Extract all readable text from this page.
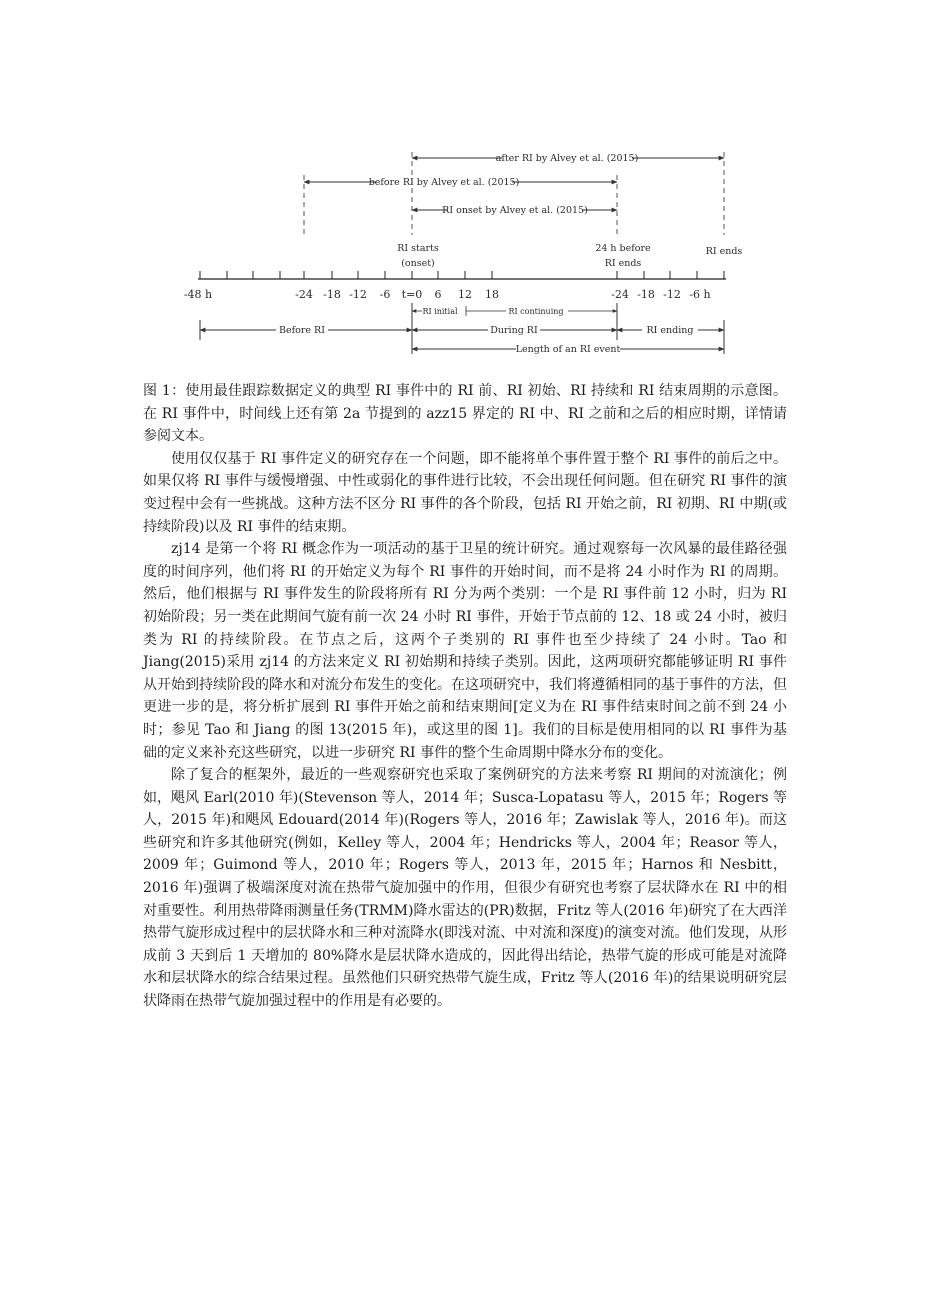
after RI by Alvey et al. (2015)
before RI by Alvey et al. (2015)
RI onset by Alvey et al. (2015)
RI starts
(onset)
24 h before
RI ends
RI ends
-48 h	-24 -18 -12 -6 t=0 6 12 18	-24 -18 -12 -6 h
RI initial	RI continuing
Before RI	During RI	RI ending
Length of an RI event

图 1：使用最佳跟踪数据定义的典型 RI 事件中的 RI 前、RI 初始、RI 持续和 RI 结束周期的示意图。在 RI 事件中，时间线上还有第 2a 节提到的 azz15 界定的 RI 中、RI 之前和之后的相应时期，详情请参阅文本。

使用仅仅基于 RI 事件定义的研究存在一个问题，即不能将单个事件置于整个 RI 事件的前后之中。如果仅将 RI 事件与缓慢增强、中性或弱化的事件进行比较，不会出现任何问题。但在研究 RI 事件的演变过程中会有一些挑战。这种方法不区分 RI 事件的各个阶段，包括 RI 开始之前，RI 初期、RI 中期(或持续阶段)以及 RI 事件的结束期。

zj14 是第一个将 RI 概念作为一项活动的基于卫星的统计研究。通过观察每一次风暴的最佳路径强度的时间序列，他们将 RI 的开始定义为每个 RI 事件的开始时间，而不是将 24 小时作为 RI 的周期。然后，他们根据与 RI 事件发生的阶段将所有 RI 分为两个类别：一个是 RI 事件前 12 小时，归为 RI 初始阶段；另一类在此期间气旋有前一次 24 小时 RI 事件，开始于节点前的 12、18 或 24 小时，被归类为 RI 的持续阶段。在节点之后，这两个子类别的 RI 事件也至少持续了 24 小时。Tao 和 Jiang(2015)采用 zj14 的方法来定义 RI 初始期和持续子类别。因此，这两项研究都能够证明 RI 事件从开始到持续阶段的降水和对流分布发生的变化。在这项研究中，我们将遵循相同的基于事件的方法，但更进一步的是，将分析扩展到 RI 事件开始之前和结束期间[定义为在 RI 事件结束时间之前不到 24 小时；参见 Tao 和 Jiang 的图 13(2015 年)，或这里的图 1]。我们的目标是使用相同的以 RI 事件为基础的定义来补充这些研究，以进一步研究 RI 事件的整个生命周期中降水分布的变化。

除了复合的框架外，最近的一些观察研究也采取了案例研究的方法来考察 RI 期间的对流演化；例如，飓风 Earl(2010 年)(Stevenson 等人，2014 年；Susca-Lopatasu 等人，2015 年；Rogers 等人，2015 年)和飓风 Edouard(2014 年)(Rogers 等人，2016 年；Zawislak 等人，2016 年)。而这些研究和许多其他研究(例如，Kelley 等人，2004 年；Hendricks 等人，2004 年；Reasor 等人，2009 年；Guimond 等人，2010 年；Rogers 等人，2013 年，2015 年；Harnos 和 Nesbitt，2016 年)强调了极端深度对流在热带气旋加强中的作用，但很少有研究也考察了层状降水在 RI 中的相对重要性。利用热带降雨测量任务(TRMM)降水雷达的(PR)数据，Fritz 等人(2016 年)研究了在大西洋热带气旋形成过程中的层状降水和三种对流降水(即浅对流、中对流和深度)的演变对流。他们发现，从形成前 3 天到后 1 天增加的 80%降水是层状降水造成的，因此得出结论，热带气旋的形成可能是对流降水和层状降水的综合结果过程。虽然他们只研究热带气旋生成，Fritz 等人(2016 年)的结果说明研究层状降雨在热带气旋加强过程中的作用是有必要的。
